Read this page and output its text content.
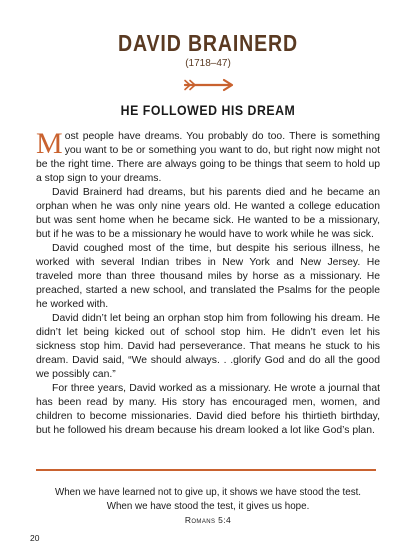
DAVID BRAINERD
(1718–47)
HE FOLLOWED HIS DREAM

Most people have dreams. You probably do too. There is something you want to be or something you want to do, but right now might not be the right time. There are always going to be things that seem to hold up a stop sign to your dreams.

David Brainerd had dreams, but his parents died and he became an orphan when he was only nine years old. He wanted a college education but was sent home when he became sick. He wanted to be a missionary, but if he was to be a missionary he would have to work while he was sick.

David coughed most of the time, but despite his serious illness, he worked with several Indian tribes in New York and New Jersey. He traveled more than three thousand miles by horse as a missionary. He preached, started a new school, and translated the Psalms for the people he worked with.

David didn’t let being an orphan stop him from following his dream. He didn’t let being kicked out of school stop him. He didn’t even let his sickness stop him. David had perseverance. That means he stuck to his dream. David said, “We should always. . .glorify God and do all the good we possibly can.”

For three years, David worked as a missionary. He wrote a journal that has been read by many. His story has encouraged men, women, and children to become missionaries. David died before his thirtieth birthday, but he followed his dream because his dream looked a lot like God’s plan.

When we have learned not to give up, it shows we have stood the test.
When we have stood the test, it gives us hope.
Romans 5:4
20
